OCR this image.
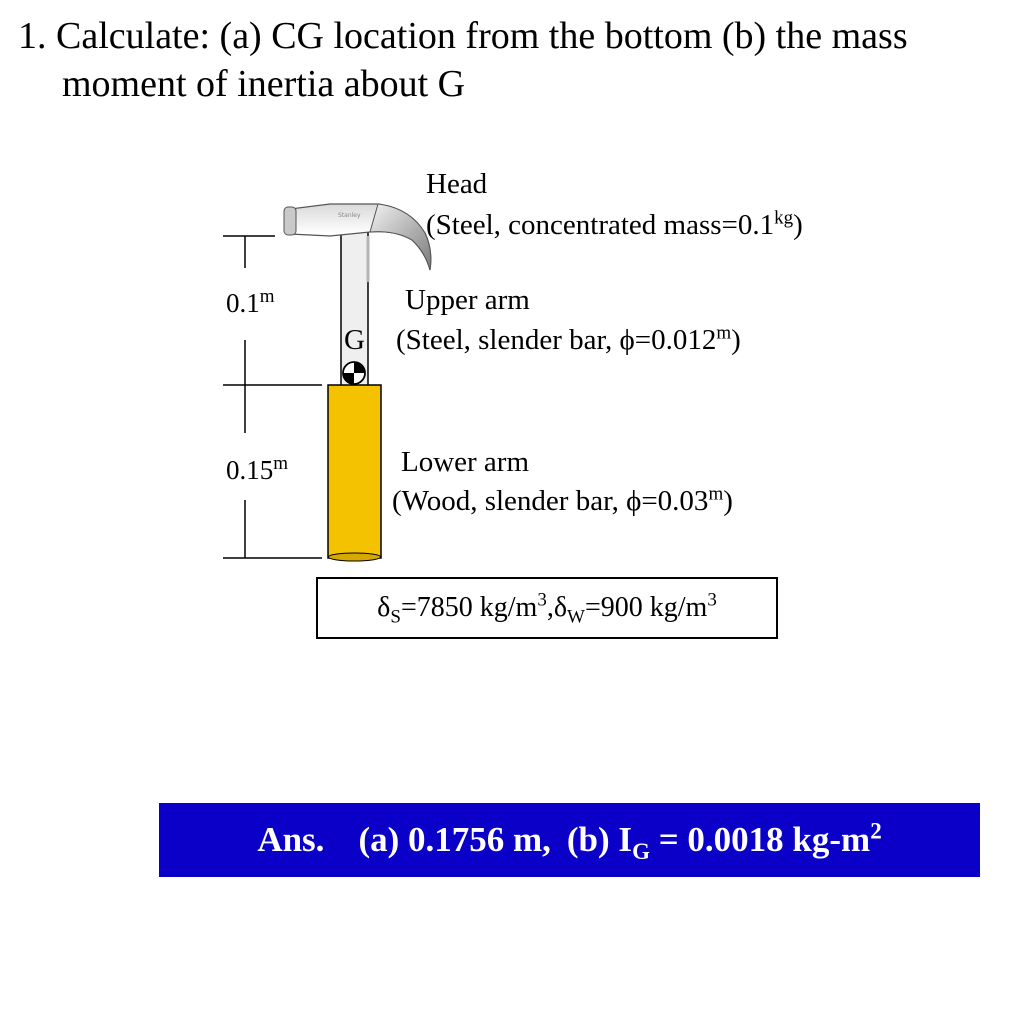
1. Calculate: (a) CG location from the bottom (b) the mass
moment of inertia about G
Stanley
Head
(Steel, concentrated $mass=0.1^{kg}$)
Upper arm
(Steel, slender bar, $\phi=0.012^m$)
G
Lower arm
(Wood, slender bar, $\phi=0.03^m$)
0.1$^m$
0.15$^m$
$\delta_S=7850$ $kg/m^3$ , $\delta_W=900$ $kg/m^3$
Ans. (a) 0.1756 m, (b) $I_G = 0.0018$ $kg-m^2$
